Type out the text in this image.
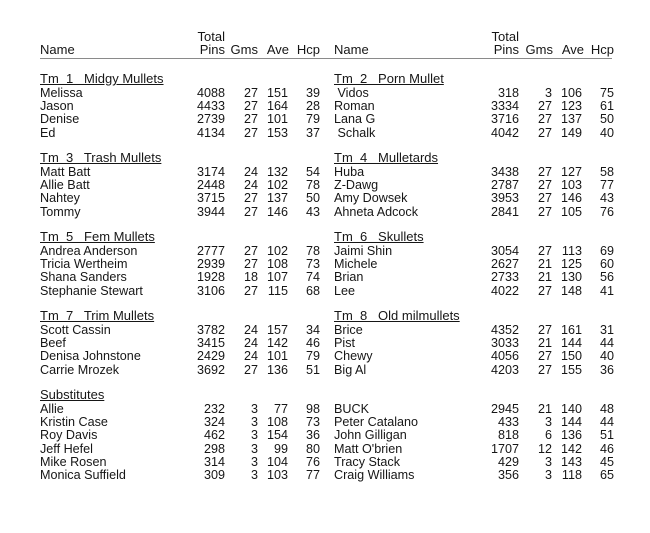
Name
Total
Pins Gms Ave Hcp
Tm  1   Midgy Mullets
Melissa	4088	27 151	39
Jason	4433	27 164	28
Denise	2739	27 101	79
Ed	4134	27 153	37
Tm  3   Trash Mullets
Matt Batt	3174	24 132	54
Allie Batt	2448	24 102	78
Nahtey	3715	27 137	50
Tommy	3944	27 146	43
Tm  5   Fem Mullets
Andrea Anderson	2777	27 102	78
Tricia Wertheim	2939	27 108	73
Shana Sanders	1928	18 107	74
Stephanie Stewart	3106	27 115	68
Tm  7   Trim Mullets
Scott Cassin	3782	24 157	34
Beef	3415	24 142	46
Denisa Johnstone	2429	24 101	79
Carrie Mrozek	3692	27 136	51
Substitutes
Allie	232	3	77	98
Kristin Case	324	3 108	73
Roy Davis	462	3 154	36
Jeff Hefel	298	3	99	80
Mike Rosen	314	3 104	76
Monica Suffield	309	3 103	77
Name
Total
Pins Gms Ave Hcp
Tm  2   Porn Mullet
Vidos	318	3 106	75
Roman	3334	27 123	61
Lana G	3716	27 137	50
Schalk	4042	27 149	40
Tm  4   Mulletards
Huba	3438	27 127	58
Z-Dawg	2787	27 103	77
Amy Dowsek	3953	27 146	43
Ahneta Adcock	2841	27 105	76
Tm  6   Skullets
Jaimi Shin	3054	27 113	69
Michele	2627	21 125	60
Brian	2733	21 130	56
Lee	4022	27 148	41
Tm  8   Old milmullets
Brice	4352	27 161	31
Pist	3033	21 144	44
Chewy	4056	27 150	40
Big Al	4203	27 155	36
BUCK	2945	21 140	48
Peter Catalano	433	3 144	44
John Gilligan	818	6 136	51
Matt O'brien	1707	12 142	46
Tracy Stack	429	3 143	45
Craig Williams	356	3 118	65
